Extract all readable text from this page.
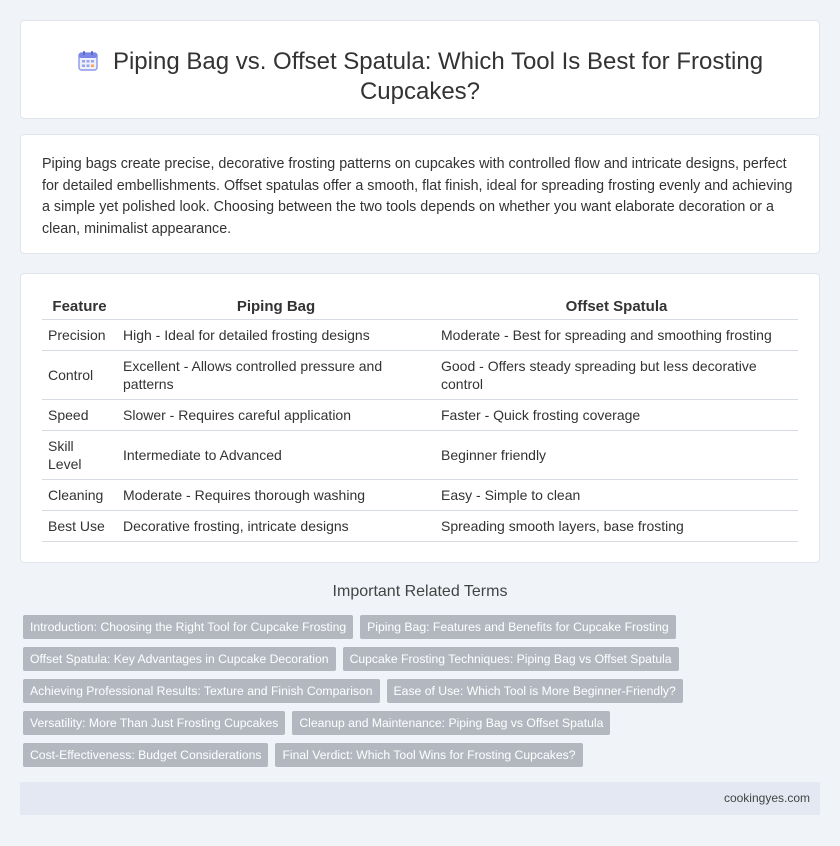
Piping Bag vs. Offset Spatula: Which Tool Is Best for Frosting Cupcakes?

Piping bags create precise, decorative frosting patterns on cupcakes with controlled flow and intricate designs, perfect for detailed embellishments. Offset spatulas offer a smooth, flat finish, ideal for spreading frosting evenly and achieving a simple yet polished look. Choosing between the two tools depends on whether you want elaborate decoration or a clean, minimalist appearance.

Feature	Piping Bag	Offset Spatula
Precision	High - Ideal for detailed frosting designs	Moderate - Best for spreading and smoothing frosting
Control	Excellent - Allows controlled pressure and patterns	Good - Offers steady spreading but less decorative control
Speed	Slower - Requires careful application	Faster - Quick frosting coverage
Skill Level	Intermediate to Advanced	Beginner friendly
Cleaning	Moderate - Requires thorough washing	Easy - Simple to clean
Best Use	Decorative frosting, intricate designs	Spreading smooth layers, base frosting
Important Related Terms
Introduction: Choosing the Right Tool for Cupcake Frosting	Piping Bag: Features and Benefits for Cupcake Frosting
Offset Spatula: Key Advantages in Cupcake Decoration	Cupcake Frosting Techniques: Piping Bag vs Offset Spatula
Achieving Professional Results: Texture and Finish Comparison	Ease of Use: Which Tool is More Beginner-Friendly?
Versatility: More Than Just Frosting Cupcakes	Cleanup and Maintenance: Piping Bag vs Offset Spatula
Cost-Effectiveness: Budget Considerations	Final Verdict: Which Tool Wins for Frosting Cupcakes?
cookingyes.com
